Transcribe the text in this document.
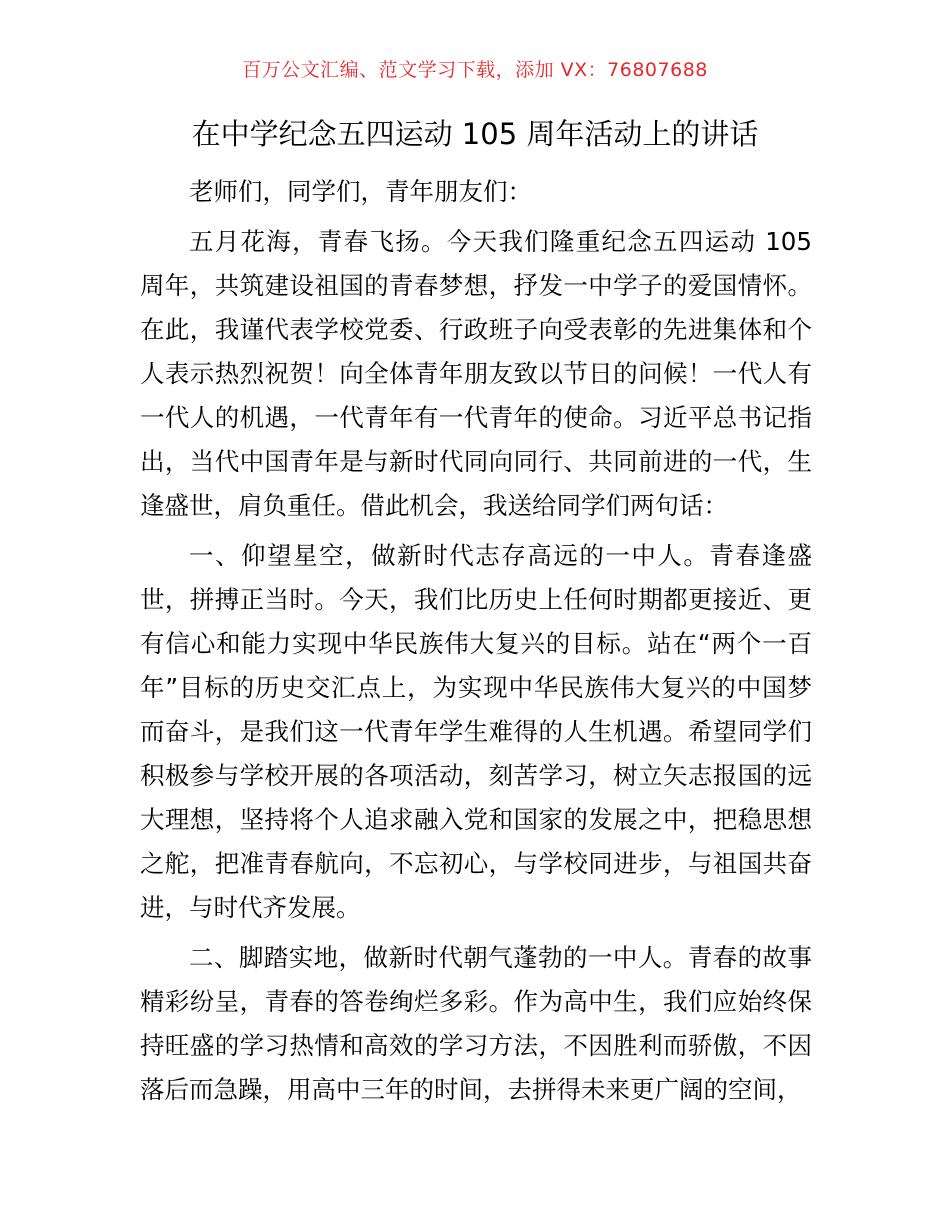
百万公文汇编、范文学习下载，添加 VX：76807688
在中学纪念五四运动 105 周年活动上的讲话

老师们，同学们，青年朋友们：

五月花海，青春飞扬。今天我们隆重纪念五四运动 105 周年，共筑建设祖国的青春梦想，抒发一中学子的爱国情怀。在此，我谨代表学校党委、行政班子向受表彰的先进集体和个人表示热烈祝贺！向全体青年朋友致以节日的问候！一代人有一代人的机遇，一代青年有一代青年的使命。习近平总书记指出，当代中国青年是与新时代同向同行、共同前进的一代，生逢盛世，肩负重任。借此机会，我送给同学们两句话：

一、仰望星空，做新时代志存高远的一中人。青春逢盛世，拼搏正当时。今天，我们比历史上任何时期都更接近、更有信心和能力实现中华民族伟大复兴的目标。站在“两个一百年”目标的历史交汇点上，为实现中华民族伟大复兴的中国梦而奋斗，是我们这一代青年学生难得的人生机遇。希望同学们积极参与学校开展的各项活动，刻苦学习，树立矢志报国的远大理想，坚持将个人追求融入党和国家的发展之中，把稳思想之舵，把准青春航向，不忘初心，与学校同进步，与祖国共奋进，与时代齐发展。

二、脚踏实地，做新时代朝气蓬勃的一中人。青春的故事精彩纷呈，青春的答卷绚烂多彩。作为高中生，我们应始终保持旺盛的学习热情和高效的学习方法，不因胜利而骄傲，不因落后而急躁，用高中三年的时间，去拼得未来更广阔的空间，
